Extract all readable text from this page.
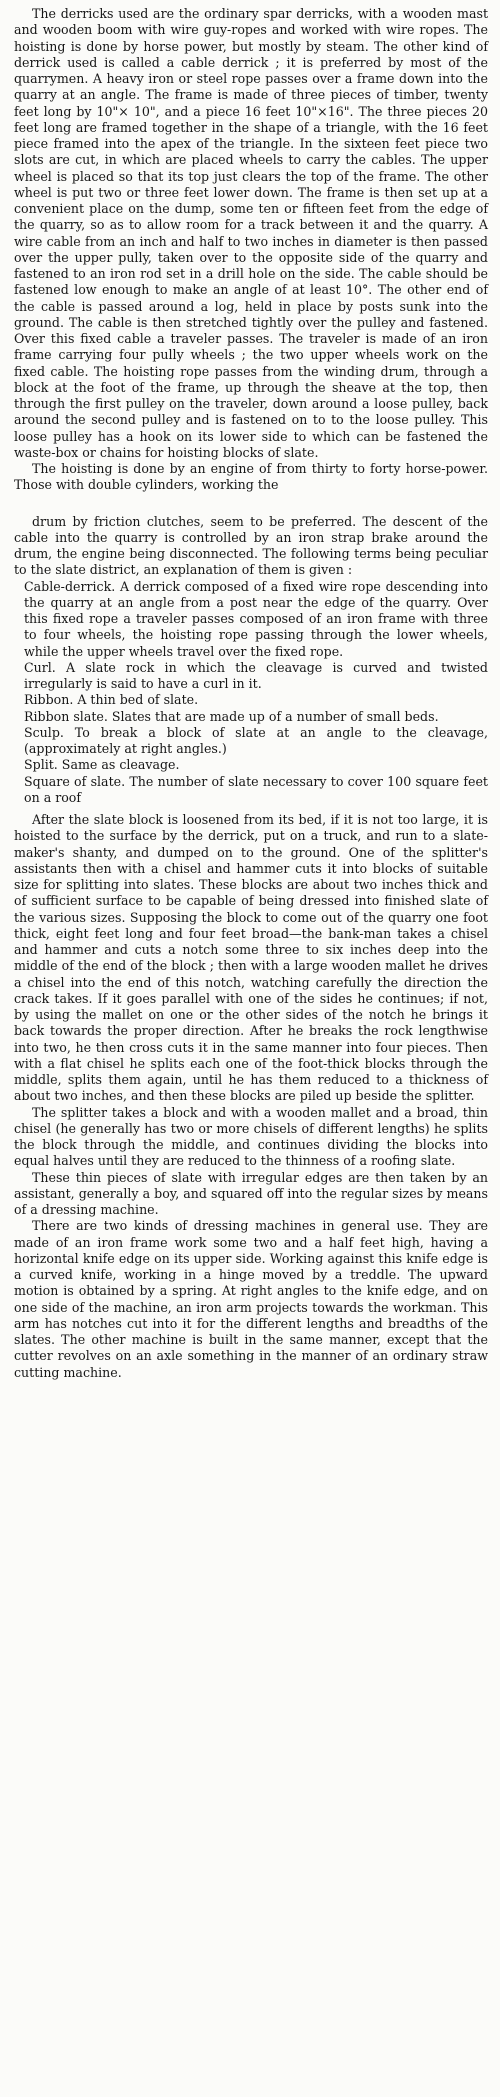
The derricks used are the ordinary spar derricks, with a wooden mast and wooden boom with wire guy-ropes and worked with wire ropes. The hoisting is done by horse power, but mostly by steam. The other kind of derrick used is called a cable derrick ; it is preferred by most of the quarrymen. A heavy iron or steel rope passes over a frame down into the quarry at an angle. The frame is made of three pieces of timber, twenty feet long by 10"× 10", and a piece 16 feet 10"×16". The three pieces 20 feet long are framed together in the shape of a triangle, with the 16 feet piece framed into the apex of the triangle. In the sixteen feet piece two slots are cut, in which are placed wheels to carry the cables. The upper wheel is placed so that its top just clears the top of the frame. The other wheel is put two or three feet lower down. The frame is then set up at a convenient place on the dump, some ten or fifteen feet from the edge of the quarry, so as to allow room for a track between it and the quarry. A wire cable from an inch and half to two inches in diameter is then passed over the upper pully, taken over to the opposite side of the quarry and fastened to an iron rod set in a drill hole on the side. The cable should be fastened low enough to make an angle of at least 10°. The other end of the cable is passed around a log, held in place by posts sunk into the ground. The cable is then stretched tightly over the pulley and fastened. Over this fixed cable a traveler passes. The traveler is made of an iron frame carrying four pully wheels ; the two upper wheels work on the fixed cable. The hoisting rope passes from the winding drum, through a block at the foot of the frame, up through the sheave at the top, then through the first pulley on the traveler, down around a loose pulley, back around the second pulley and is fastened on to to the loose pulley. This loose pulley has a hook on its lower side to which can be fastened the waste-box or chains for hoisting blocks of slate.

The hoisting is done by an engine of from thirty to forty horse-power. Those with double cylinders, working the

drum by friction clutches, seem to be preferred. The descent of the cable into the quarry is controlled by an iron strap brake around the drum, the engine being disconnected. The following terms being peculiar to the slate district, an explanation of them is given :

Cable-derrick. A derrick composed of a fixed wire rope descending into the quarry at an angle from a post near the edge of the quarry. Over this fixed rope a traveler passes composed of an iron frame with three to four wheels, the hoisting rope passing through the lower wheels, while the upper wheels travel over the fixed rope.

Curl. A slate rock in which the cleavage is curved and twisted irregularly is said to have a curl in it.

Ribbon. A thin bed of slate.

Ribbon slate. Slates that are made up of a number of small beds.

Sculp. To break a block of slate at an angle to the cleavage, (approximately at right angles.)

Split. Same as cleavage.

Square of slate. The number of slate necessary to cover 100 square feet on a roof

After the slate block is loosened from its bed, if it is not too large, it is hoisted to the surface by the derrick, put on a truck, and run to a slate-maker's shanty, and dumped on to the ground. One of the splitter's assistants then with a chisel and hammer cuts it into blocks of suitable size for splitting into slates. These blocks are about two inches thick and of sufficient surface to be capable of being dressed into finished slate of the various sizes. Supposing the block to come out of the quarry one foot thick, eight feet long and four feet broad—the bank-man takes a chisel and hammer and cuts a notch some three to six inches deep into the middle of the end of the block ; then with a large wooden mallet he drives a chisel into the end of this notch, watching carefully the direction the crack takes. If it goes parallel with one of the sides he continues; if not, by using the mallet on one or the other sides of the notch he brings it back towards the proper direction. After he breaks the rock lengthwise into two, he then cross cuts it in the same manner into four pieces. Then with a flat chisel he splits each one of the foot-thick blocks through the middle, splits them again, until he has them reduced to a thickness of about two inches, and then these blocks are piled up beside the splitter.

The splitter takes a block and with a wooden mallet and a broad, thin chisel (he generally has two or more chisels of different lengths) he splits the block through the middle, and continues dividing the blocks into equal halves until they are reduced to the thinness of a roofing slate.

These thin pieces of slate with irregular edges are then taken by an assistant, generally a boy, and squared off into the regular sizes by means of a dressing machine.

There are two kinds of dressing machines in general use. They are made of an iron frame work some two and a half feet high, having a horizontal knife edge on its upper side. Working against this knife edge is a curved knife, working in a hinge moved by a treddle. The upward motion is obtained by a spring. At right angles to the knife edge, and on one side of the machine, an iron arm projects towards the workman. This arm has notches cut into it for the different lengths and breadths of the slates. The other machine is built in the same manner, except that the cutter revolves on an axle something in the manner of an ordinary straw cutting machine.
